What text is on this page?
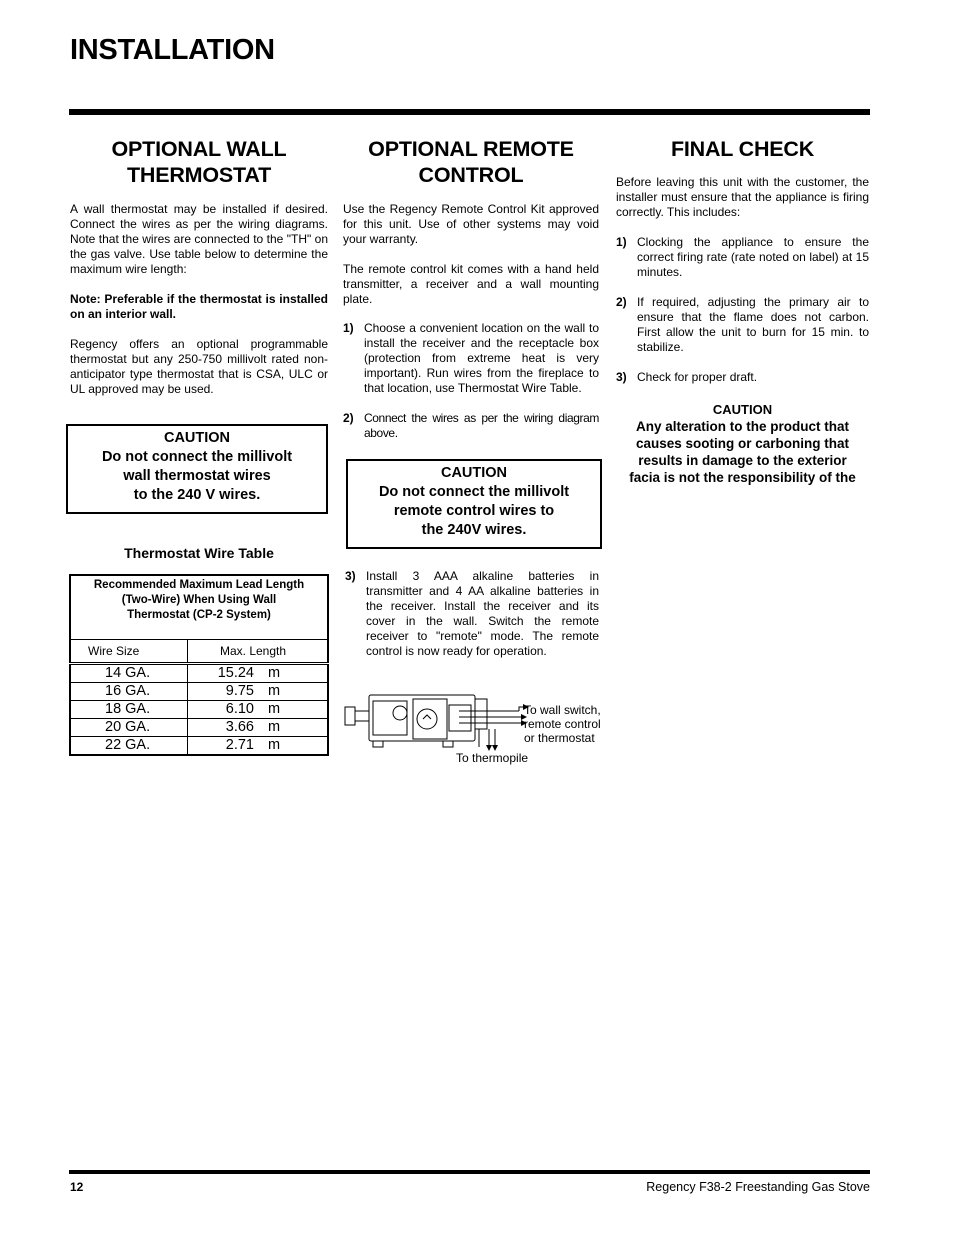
INSTALLATION
OPTIONAL WALL
THERMOSTAT

A wall thermostat may be installed if desired. Connect the wires as per the wiring diagrams. Note that the wires are connected to the "TH" on the gas valve. Use table below to determine the maximum wire length:

Note: Preferable if the thermostat is installed on an interior wall.

Regency offers an optional programmable thermostat but any 250-750 millivolt rated non-anticipator type thermostat that is CSA, ULC or UL approved may be used.

CAUTION
Do not connect the millivolt
wall thermostat wires
to the 240 V wires.
Thermostat Wire Table
Recommended Maximum Lead Length
(Two-Wire) When Using Wall
Thermostat (CP-2 System)	
Wire Size	Max. Length
14 GA.	15.24 m
16 GA.	9.75 m
18 GA.	6.10 m
20 GA.	3.66 m
22 GA.	2.71 m
OPTIONAL REMOTE
CONTROL

Use the Regency Remote Control Kit approved for this unit. Use of other systems may void your warranty.

The remote control kit comes with a hand held transmitter, a receiver and a wall mounting plate.

1) Choose a convenient location on the wall to install the receiver and the receptacle box (protection from extreme heat is very important). Run wires from the fireplace to that location, use Thermostat Wire Table.
2) Connect the wires as per the wiring diagram above.
CAUTION
Do not connect the millivolt
remote control wires to
the 240V wires.
3) Install 3 AAA alkaline batteries in transmitter and 4 AA alkaline batteries in the receiver. Install the receiver and its cover in the wall. Switch the remote receiver to "remote" mode. The remote control is now ready for operation.
To wall switch,
remote control
or thermostat
To thermopile
FINAL CHECK

Before leaving this unit with the customer, the installer must ensure that the appliance is firing correctly. This includes:

1) Clocking the appliance to ensure the correct firing rate (rate noted on label) at 15 minutes.
2) If required, adjusting the primary air to ensure that the flame does not carbon. First allow the unit to burn for 15 min. to stabilize.
3) Check for proper draft.
CAUTION
Any alteration to the product that
causes sooting or carboning that
results in damage to the exterior
facia is not the responsibility of the
12	Regency F38-2 Freestanding Gas Stove
